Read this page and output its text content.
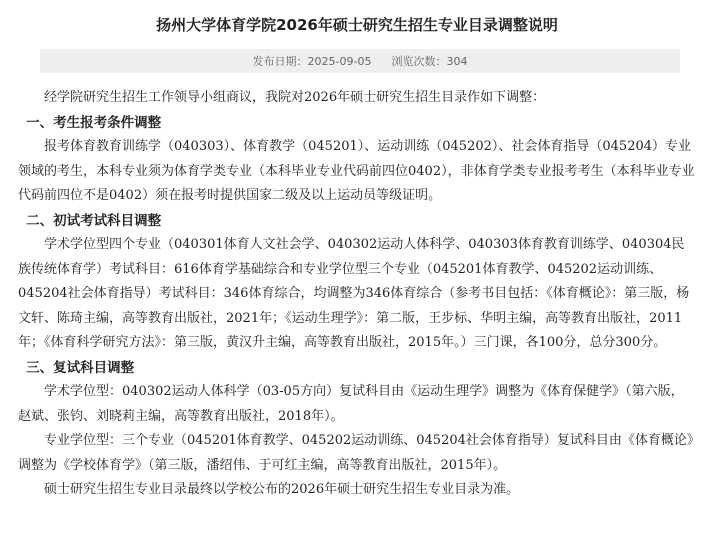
扬州大学体育学院2026年硕士研究生招生专业目录调整说明
发布日期：2025-09-05 浏览次数：304

经学院研究生招生工作领导小组商议，我院对2026年硕士研究生招生目录作如下调整：

一、考生报考条件调整

报考体育教育训练学（040303）、体育教学（045201）、运动训练（045202）、社会体育指导（045204）专业领域的考生，本科专业须为体育学类专业（本科毕业专业代码前四位0402），非体育学类专业报考考生（本科毕业专业代码前四位不是0402）须在报考时提供国家二级及以上运动员等级证明。

二、初试考试科目调整

学术学位型四个专业（040301体育人文社会学、040302运动人体科学、040303体育教育训练学、040304民族传统体育学）考试科目：616体育学基础综合和专业学位型三个专业（045201体育教学、045202运动训练、045204社会体育指导）考试科目：346体育综合，均调整为346体育综合（参考书目包括：《体育概论》：第三版，杨文轩、陈琦主编，高等教育出版社，2021年；《运动生理学》：第二版，王步标、华明主编，高等教育出版社，2011年；《体育科学研究方法》：第三版，黄汉升主编，高等教育出版社，2015年。）三门课，各100分，总分300分。

三、复试科目调整

学术学位型：040302运动人体科学（03-05方向）复试科目由《运动生理学》调整为《体育保健学》（第六版，赵斌、张钧、刘晓莉主编，高等教育出版社，2018年）。

专业学位型：三个专业（045201体育教学、045202运动训练、045204社会体育指导）复试科目由《体育概论》调整为《学校体育学》（第三版，潘绍伟、于可红主编，高等教育出版社，2015年）。

硕士研究生招生专业目录最终以学校公布的2026年硕士研究生招生专业目录为准。
